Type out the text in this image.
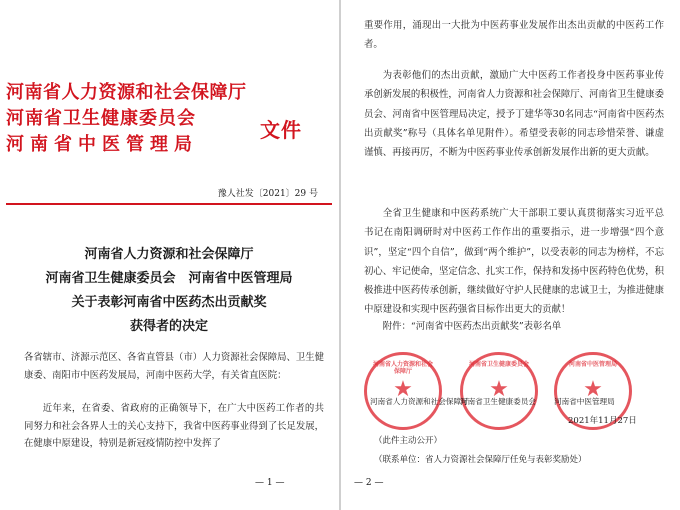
河南省人力资源和社会保障厅
河南省卫生健康委员会
河南省中医管理局
文件
豫人社发〔2021〕29 号
河南省人力资源和社会保障厅
河南省卫生健康委员会　河南省中医管理局
关于表彰河南省中医药杰出贡献奖
获得者的决定
各省辖市、济源示范区、各省直管县（市）人力资源社会保障局、卫生健康委、南阳市中医药发展局，河南中医药大学，有关省直医院：
近年来，在省委、省政府的正确领导下，在广大中医药工作者的共同努力和社会各界人士的关心支持下，我省中医药事业得到了长足发展，在健康中原建设，特别是新冠疫情防控中发挥了
— 1 —
重要作用，涌现出一大批为中医药事业发展作出杰出贡献的中医药工作者。
为表彰他们的杰出贡献，激励广大中医药工作者投身中医药事业传承创新发展的积极性，河南省人力资源和社会保障厅、河南省卫生健康委员会、河南省中医管理局决定，授予丁建华等30名同志“河南省中医药杰出贡献奖”称号（具体名单见附件）。希望受表彰的同志珍惜荣誉、谦虚谨慎、再接再厉，不断为中医药事业传承创新发展作出新的更大贡献。
全省卫生健康和中医药系统广大干部职工要认真贯彻落实习近平总书记在南阳调研时对中医药工作作出的重要指示，进一步增强“四个意识”，坚定“四个自信”，做到“两个维护”，以受表彰的同志为榜样，不忘初心、牢记使命，坚定信念、扎实工作，保持和发扬中医药特色优势，积极推进中医药传承创新，继续做好守护人民健康的忠诚卫士，为推进健康中原建设和实现中医药强省目标作出更大的贡献！
附件：“河南省中医药杰出贡献奖”表彰名单
河南省人力资源和社会保障厅
★
河南省卫生健康委员会
★
河南省中医管理局
★
河南省人力资源和社会保障厅
河南省卫生健康委员会 河南省中医管理局
2021年11月27日
（此件主动公开）
（联系单位：省人力资源社会保障厅任免与表彰奖励处）
— 2 —
